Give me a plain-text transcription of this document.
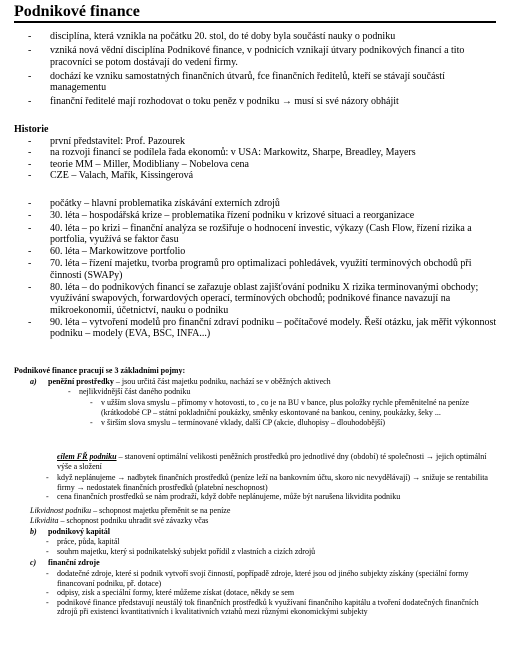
Podnikové finance
- disciplína, která vznikla na počátku 20. stol, do té doby byla součástí nauky o podniku
- vzniká nová vědní disciplína Podnikové finance, v podnicích vznikají útvary podnikových financí a tito pracovníci se potom dostávají do vedení firmy.
- dochází ke vzniku samostatných finančních útvarů, fce finančních ředitelů, kteří se stávají součástí managementu
- finanční ředitelé mají rozhodovat o toku peněz v podniku → musí si své názory obhájit
Historie
- první představitel: Prof. Pazourek
- na rozvoji financí se podílela řada ekonomů: v USA: Markowitz, Sharpe, Breadley, Mayers
- teorie MM – Miller, Modibliany – Nobelova cena
- CZE – Valach, Mařík, Kissingerová
- počátky – hlavní problematika získávání externích zdrojů
- 30. léta – hospodářská krize – problematika řízení podniku v krizové situaci a reorganizace
- 40. léta – po krizi – finanční analýza se rozšiřuje o hodnocení investic, výkazy (Cash Flow, řízení rizika a portfolia, využívá se faktor času
- 60. léta – Markowitzove portfolio
- 70. léta – řízení majetku, tvorba programů pro optimalizaci pohledávek, využití terminových obchodů při činnosti (SWAPy)
- 80. léta – do podnikových financí se zařazuje oblast zajišťování podniku X rizika terminovanými obchody; využívání swapových, forwardových operací, termínových obchodů; podnikové finance navazují na mikroekonomii, účetnictví, nauku o podniku
- 90. léta – vytvoření modelů pro finanční zdraví podniku – počítačové modely. Řeší otázku, jak měřit výkonnost podniku – modely (EVA, BSC, INFA...)
Podnikové finance pracují se 3 základními pojmy:
a) peněžní prostředky – jsou určitá část majetku podniku, nachází se v oběžných aktivech
- nejlikvidnější část daného podniku
- v užším slova smyslu – přímomy v hotovosti, to , co je na BU v bance, plus položky rychle přeměnitelné na peníze (krátkodobé CP – státní pokladniční poukázky, směnky eskontované na bankou, ceniny, poukázky, šeky ...
- v širším slova smyslu – termínované vklady, další CP (akcie, dluhopisy – dlouhodobější)
- cílem FŘ podniku – stanovení optimální velikosti peněžních prostředků pro jednotlivé dny (období) té společnosti → jejich optimální výše a složení
- když neplánujeme → nadbytek finančních prostředků (peníze leží na bankovním účtu, skoro nic nevydělávají) → snižuje se rentabilita firmy → nedostatek finančních prostředků (platební neschopnost)
- cena finančních prostředků se nám prodraží, když dobře neplánujeme, může být narušena likvidita podniku
Likvidnost podniku – schopnost majetku přeměnit se na peníze
Likvidita – schopnost podniku uhradit své závazky včas
b) podnikový kapitál
- práce, půda, kapitál
- souhrn majetku, který si podnikatelský subjekt pořídil z vlastních a cizích zdrojů
c) finanční zdroje
- dodatečné zdroje, které si podnik vytvoří svojí činností, popřípadě zdroje, které jsou od jiného subjekty získány (speciální formy financovaní podniku, př. dotace)
- odpisy, zisk a speciální formy, které můžeme získat (dotace, někdy se sem
- podnikové finance představují neustálý tok finančních prostředků k využívaní finančního kapitálu a tvoření dodatečných finančních zdrojů při existenci kvantitativních i kvalitativních vztahů mezi různými ekonomickými subjekty
